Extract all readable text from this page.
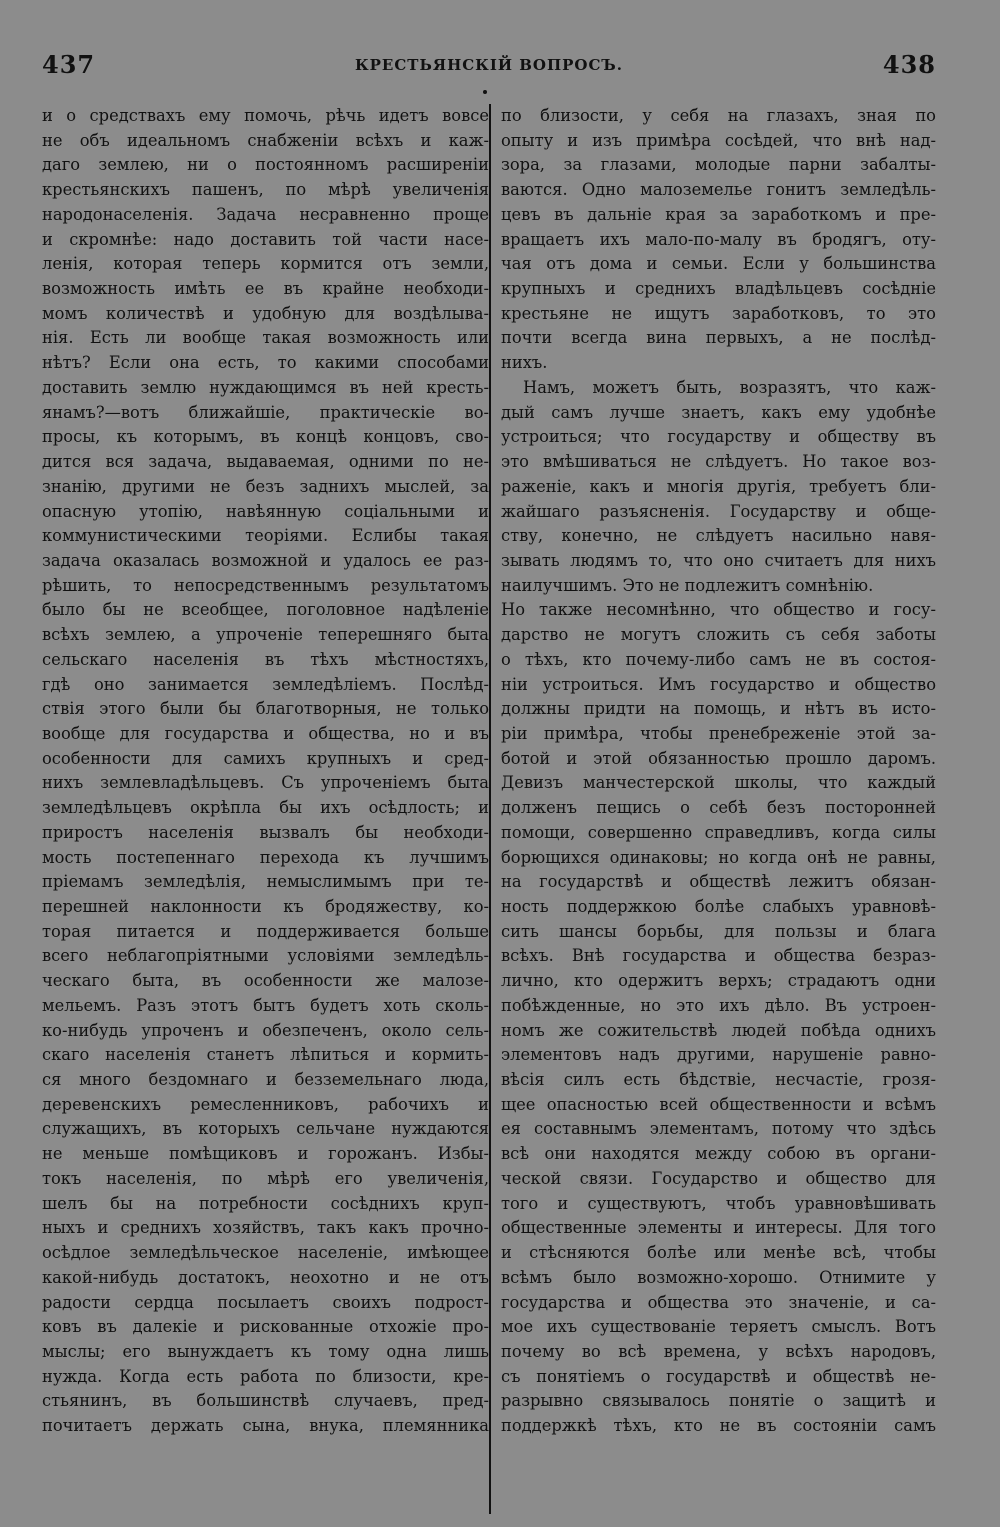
437	КРЕСТЬЯНСКІЙ ВОПРОСЪ.	438
и о средствахъ ему помочь, рѣчь идетъ вовсе
не объ идеальномъ снабженіи всѣхъ и каж-
даго землею, ни о постоянномъ расширеніи
крестьянскихъ пашенъ, по мѣрѣ увеличенія
народонаселенія. Задача несравненно проще
и скромнѣе: надо доставить той части насе-
ленія, которая теперь кормится отъ земли,
возможность имѣть ее въ крайне необходи-
момъ количествѣ и удобную для воздѣлыва-
нія. Есть ли вообще такая возможность или
нѣтъ? Если она есть, то какими способами
доставить землю нуждающимся въ ней кресть-
янамъ?—вотъ ближайшіе, практическіе во-
просы, къ которымъ, въ концѣ концовъ, сво-
дится вся задача, выдаваемая, одними по не-
знанію, другими не безъ заднихъ мыслей, за
опасную утопію, навѣянную соціальными и
коммунистическими теоріями. Еслибы такая
задача оказалась возможной и удалось ее раз-
рѣшить, то непосредственнымъ результатомъ
было бы не всеобщее, поголовное надѣленіе
всѣхъ землею, а упроченіе теперешняго быта
сельскаго населенія въ тѣхъ мѣстностяхъ,
гдѣ оно занимается земледѣліемъ. Послѣд-
ствія этого были бы благотворныя, не только
вообще для государства и общества, но и въ
особенности для самихъ крупныхъ и сред-
нихъ землевладѣльцевъ. Съ упроченіемъ быта
земледѣльцевъ окрѣпла бы ихъ осѣдлость; и
приростъ населенія вызвалъ бы необходи-
мость постепеннаго перехода къ лучшимъ
пріемамъ земледѣлія, немыслимымъ при те-
перешней наклонности къ бродяжеству, ко-
торая питается и поддерживается больше
всего неблагопріятными условіями земледѣль-
ческаго быта, въ особенности же малозе-
мельемъ. Разъ этотъ бытъ будетъ хоть сколь-
ко-нибудь упроченъ и обезпеченъ, около сель-
скаго населенія станетъ лѣпиться и кормить-
ся много бездомнаго и безземельнаго люда,
деревенскихъ ремесленниковъ, рабочихъ и
служащихъ, въ которыхъ сельчане нуждаются
не меньше помѣщиковъ и горожанъ. Избы-
токъ населенія, по мѣрѣ его увеличенія,
шелъ бы на потребности сосѣднихъ круп-
ныхъ и среднихъ хозяйствъ, такъ какъ прочно-
осѣдлое земледѣльческое населеніе, имѣющее
какой-нибудь достатокъ, неохотно и не отъ
радости сердца посылаетъ своихъ подрост-
ковъ въ далекіе и рискованные отхожіе про-
мыслы; его вынуждаетъ къ тому одна лишь
нужда. Когда есть работа по близости, кре-
стьянинъ, въ большинствѣ случаевъ, пред-
почитаетъ держать сына, внука, племянника
по близости, у себя на глазахъ, зная по
опыту и изъ примѣра сосѣдей, что внѣ над-
зора, за глазами, молодые парни забалты-
ваются. Одно малоземелье гонитъ земледѣль-
цевъ въ дальніе края за заработкомъ и пре-
вращаетъ ихъ мало-по-малу въ бродягъ, оту-
чая отъ дома и семьи. Если у большинства
крупныхъ и среднихъ владѣльцевъ сосѣдніе
крестьяне не ищутъ заработковъ, то это
почти всегда вина первыхъ, а не послѣд-
нихъ.
Намъ, можетъ быть, возразятъ, что каж-
дый самъ лучше знаетъ, какъ ему удобнѣе
устроиться; что государству и обществу въ
это вмѣшиваться не слѣдуетъ. Но такое воз-
раженіе, какъ и многія другія, требуетъ бли-
жайшаго разъясненія. Государству и обще-
ству, конечно, не слѣдуетъ насильно навя-
зывать людямъ то, что оно считаетъ для нихъ
наилучшимъ. Это не подлежитъ сомнѣнію.
Но также несомнѣнно, что общество и госу-
дарство не могутъ сложить съ себя заботы
о тѣхъ, кто почему-либо самъ не въ состоя-
ніи устроиться. Имъ государство и общество
должны придти на помощь, и нѣтъ въ исто-
ріи примѣра, чтобы пренебреженіе этой за-
ботой и этой обязанностью прошло даромъ.
Девизъ манчестерской школы, что каждый
долженъ пещись о себѣ безъ посторонней
помощи, совершенно справедливъ, когда силы
борющихся одинаковы; но когда онѣ не равны,
на государствѣ и обществѣ лежитъ обязан-
ность поддержкою болѣе слабыхъ уравновѣ-
сить шансы борьбы, для пользы и блага
всѣхъ. Внѣ государства и общества безраз-
лично, кто одержитъ верхъ; страдаютъ одни
побѣжденные, но это ихъ дѣло. Въ устроен-
номъ же сожительствѣ людей побѣда однихъ
элементовъ надъ другими, нарушеніе равно-
вѣсія силъ есть бѣдствіе, несчастіе, грозя-
щее опасностью всей общественности и всѣмъ
ея составнымъ элементамъ, потому что здѣсь
всѣ они находятся между собою въ органи-
ческой связи. Государство и общество для
того и существуютъ, чтобъ уравновѣшивать
общественные элементы и интересы. Для того
и стѣсняются болѣе или менѣе всѣ, чтобы
всѣмъ было возможно-хорошо. Отнимите у
государства и общества это значеніе, и са-
мое ихъ существованіе теряетъ смыслъ. Вотъ
почему во всѣ времена, у всѣхъ народовъ,
съ понятіемъ о государствѣ и обществѣ не-
разрывно связывалось понятіе о защитѣ и
поддержкѣ тѣхъ, кто не въ состояніи самъ
